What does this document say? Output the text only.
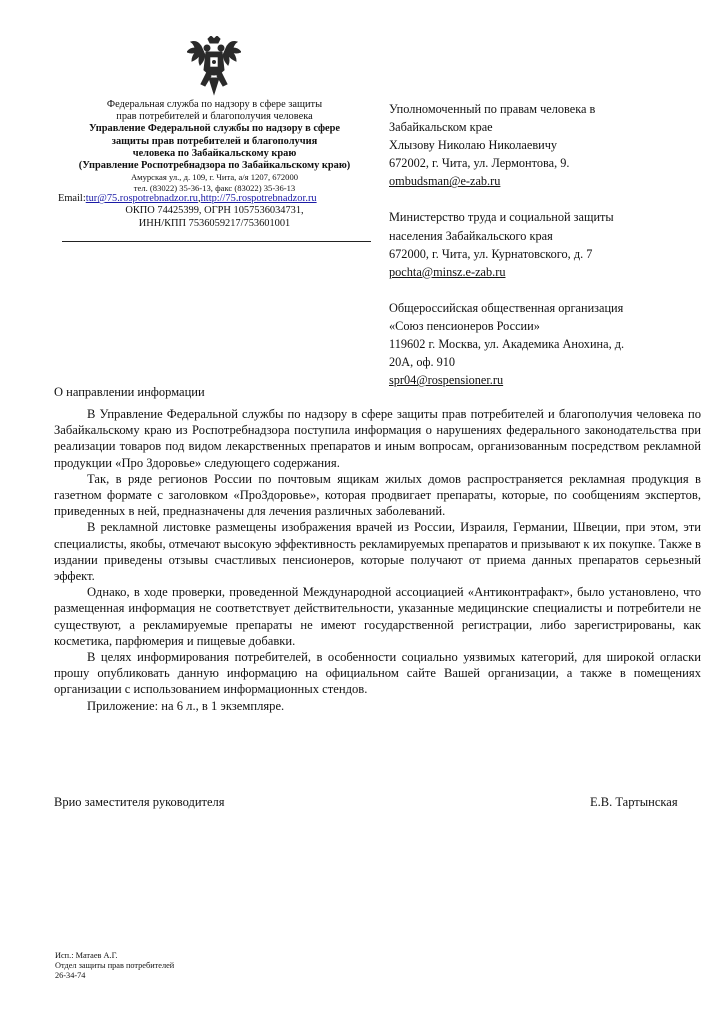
Федеральная служба по надзору в сфере защиты
прав потребителей и благополучия человека
Управление Федеральной службы по надзору в сфере
защиты прав потребителей и благополучия
человека по Забайкальскому краю
(Управление Роспотребнадзора по Забайкальскому краю)
Амурская ул., д. 109, г. Чита, а/я 1207, 672000
тел. (83022) 35-36-13, факс (83022) 35-36-13
Email:tur@75.rospotrebnadzor.ru,http://75.rospotrebnadzor.ru
ОКПО 74425399, ОГРН 1057536034731,
ИНН/КПП 7536059217/753601001
Уполномоченный по правам человека в
Забайкальском крае
Хлызову Николаю Николаевичу
672002, г. Чита, ул. Лермонтова, 9.
ombudsman@e-zab.ru
Министерство труда и социальной защиты
населения Забайкальского края
672000, г. Чита, ул. Курнатовского, д. 7
pochta@minsz.e-zab.ru
Общероссийская общественная организация
«Союз пенсионеров России»
119602 г. Москва, ул. Академика Анохина, д.
20А, оф. 910
spr04@rospensioner.ru
О направлении информации

В Управление Федеральной службы по надзору в сфере защиты прав потребителей и благополучия человека по Забайкальскому краю из Роспотребнадзора поступила информация о нарушениях федерального законодательства при реализации товаров под видом лекарственных препаратов и иным вопросам, организованным посредством рекламной продукции «Про Здоровье» следующего содержания.

Так, в ряде регионов России по почтовым ящикам жилых домов распространяется рекламная продукция в газетном формате с заголовком «ПроЗдоровье», которая продвигает препараты, которые, по сообщениям экспертов, приведенных в ней, предназначены для лечения различных заболеваний.

В рекламной листовке размещены изображения врачей из России, Израиля, Германии, Швеции, при этом, эти специалисты, якобы, отмечают высокую эффективность рекламируемых препаратов и призывают к их покупке. Также в издании приведены отзывы счастливых пенсионеров, которые получают от приема данных препаратов серьезный эффект.

Однако, в ходе проверки, проведенной Международной ассоциацией «Антиконтрафакт», было установлено, что размещенная информация не соответствует действительности, указанные медицинские специалисты и потребители не существуют, а рекламируемые препараты не имеют государственной регистрации, либо зарегистрированы, как косметика, парфюмерия и пищевые добавки.

В целях информирования потребителей, в особенности социально уязвимых категорий, для широкой огласки прошу опубликовать данную информацию на официальном сайте Вашей организации, а также в помещениях организации с использованием информационных стендов.

Приложение: на 6 л., в 1 экземпляре.

Врио заместителя руководителя	Е.В. Тартынская
Исп.: Матаев А.Г.
Отдел защиты прав потребителей
26-34-74
